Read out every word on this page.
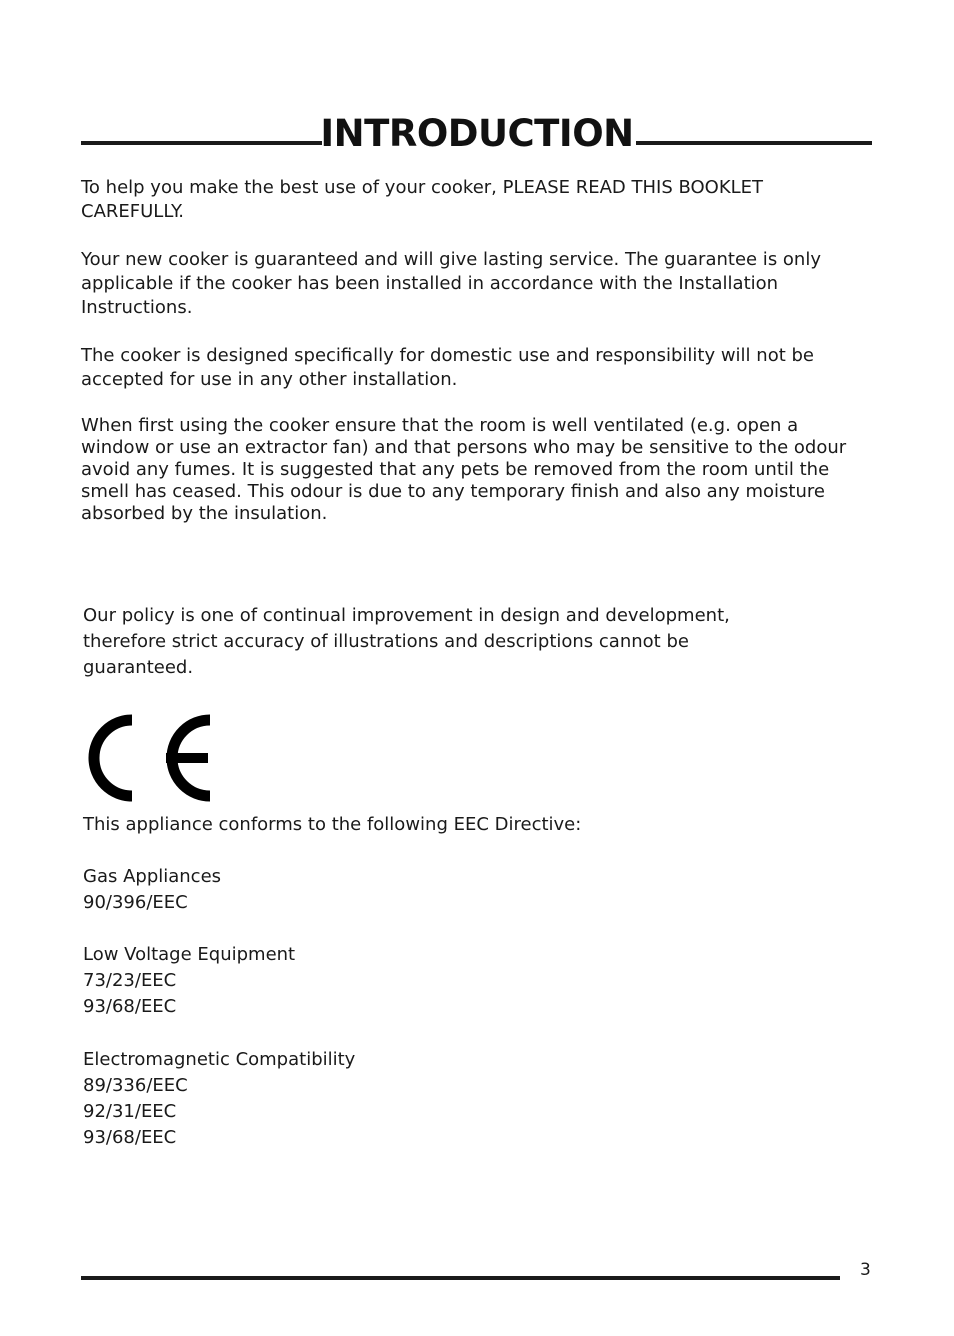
INTRODUCTION

To help you make the best use of your cooker, PLEASE READ THIS BOOKLET CAREFULLY.

Your new cooker is guaranteed and will give lasting service. The guarantee is only applicable if the cooker has been installed in accordance with the Installation Instructions.

The cooker is designed specifically for domestic use and responsibility will not be accepted for use in any other installation.

When first using the cooker ensure that the room is well ventilated (e.g. open a window or use an extractor fan) and that persons who may be sensitive to the odour avoid any fumes. It is suggested that any pets be removed from the room until the smell has ceased. This odour is due to any temporary finish and also any moisture absorbed by the insulation.

Our policy is one of continual improvement in design and development, therefore strict accuracy of illustrations and descriptions cannot be guaranteed.

This appliance conforms to the following EEC Directive:

Gas Appliances
90/396/EEC
Low Voltage Equipment
73/23/EEC
93/68/EEC
Electromagnetic Compatibility
89/336/EEC
92/31/EEC
93/68/EEC
3
